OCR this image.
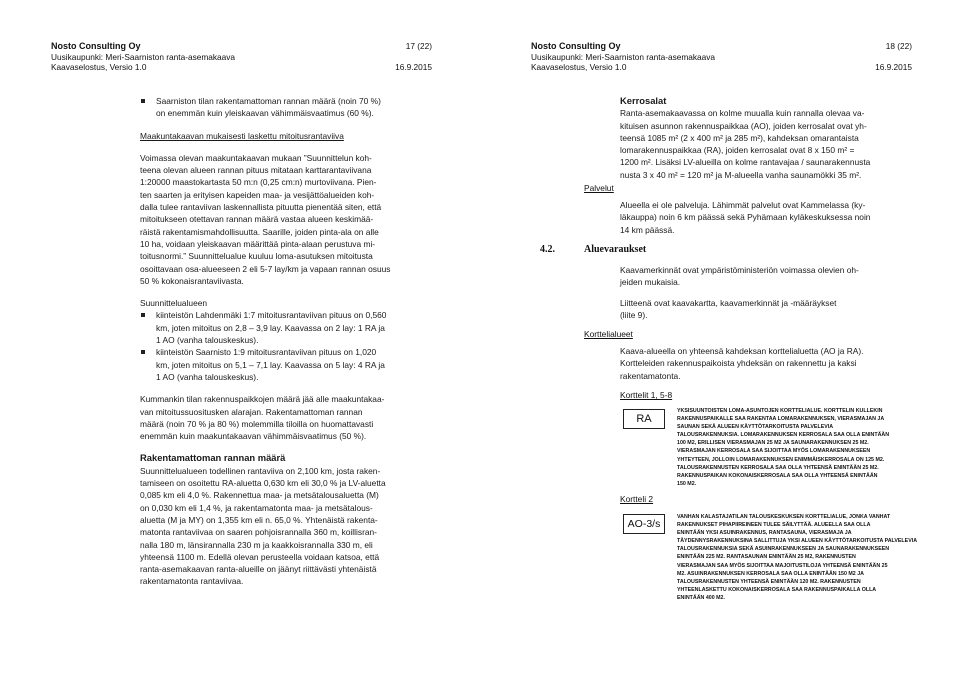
Nosto Consulting Oy	17 (22)
Uusikaupunki: Meri-Saarniston ranta-asemakaava
Kaavaselostus, Versio 1.0	16.9.2015
Saarniston tilan rakentamattoman rannan määrä (noin 70 %)
on enemmän kuin yleiskaavan vähimmäisvaatimus (60 %).
Maakuntakaavan mukaisesti laskettu mitoitusrantaviiva
Voimassa olevan maakuntakaavan mukaan ”Suunnittelun koh-
teena olevan alueen rannan pituus mitataan karttarantaviivana
1:20000 maastokartasta 50 m:n (0,25 cm:n) murtoviivana. Pien-
ten saarten ja erityisen kapeiden maa- ja vesijättöalueiden koh-
dalla tulee rantaviivan laskennallista pituutta pienentää siten, että
mitoitukseen otettavan rannan määrä vastaa alueen keskimää-
räistä rakentamismahdollisuutta. Saarille, joiden pinta-ala on alle
10 ha, voidaan yleiskaavan määrittää pinta-alaan perustuva mi-
toitusnormi.” Suunnittelualue kuuluu loma-asutuksen mitoitusta
osoittavaan osa-alueeseen 2 eli 5-7 lay/km ja vapaan rannan osuus
50 % kokonaisrantaviivasta.
Suunnittelualueen
kiinteistön Lahdenmäki 1:7 mitoitusrantaviivan pituus on 0,560
km, joten mitoitus on 2,8 – 3,9 lay. Kaavassa on 2 lay: 1 RA ja
1 AO (vanha talouskeskus).
kiinteistön Saarnisto 1:9 mitoitusrantaviivan pituus on 1,020
km, joten mitoitus on 5,1 – 7,1 lay. Kaavassa on 5 lay: 4 RA ja
1 AO (vanha talouskeskus).
Kummankin tilan rakennuspaikkojen määrä jää alle maakuntakaa-
van mitoitussuositusken alarajan. Rakentamattoman rannan
määrä (noin 70 % ja 80 %) molemmilla tiloilla on huomattavasti
enemmän kuin maakuntakaavan vähimmäisvaatimus (50 %).
Rakentamattoman rannan määrä
Suunnittelualueen todellinen rantaviiva on 2,100 km, josta raken-
tamiseen on osoitettu RA-aluetta 0,630 km eli 30,0 % ja LV-aluetta
0,085 km eli 4,0 %. Rakennettua maa- ja metsätalousaluetta (M)
on 0,030 km eli 1,4 %, ja rakentamatonta maa- ja metsätalous-
aluetta (M ja MY) on 1,355 km eli n. 65,0 %. Yhtenäistä rakenta-
matonta rantaviivaa on saaren pohjoisrannalla 360 m, koillisran-
nalla 180 m, länsirannalla 230 m ja kaakkoisrannalla 330 m, eli
yhteensä 1100 m. Edellä olevan perusteella voidaan katsoa, että
ranta-asemakaavan ranta-alueille on jäänyt riittävästi yhtenäistä
rakentamatonta rantaviivaa.
Nosto Consulting Oy	18 (22)
Uusikaupunki: Meri-Saarniston ranta-asemakaava
Kaavaselostus, Versio 1.0	16.9.2015
Kerrosalat
Ranta-asemakaavassa on kolme muualla kuin rannalla olevaa va-
kituisen asunnon rakennuspaikkaa (AO), joiden kerrosalat ovat yh-
teensä 1085 m² (2 x 400 m² ja 285 m²), kahdeksan omarantaista
lomarakennuspaikkaa (RA), joiden kerrosalat ovat 8 x 150 m² =
1200 m². Lisäksi LV-alueilla on kolme rantavajaa / saunarakennusta
nusta 3 x 40 m² = 120 m² ja M-alueella vanha saunamökki 35 m².
Palvelut
Alueella ei ole palveluja. Lähimmät palvelut ovat Kammelassa (ky-
läkauppa) noin 6 km päässä sekä Pyhämaan kyläkeskuksessa noin
14 km päässä.
4.2.	Aluevaraukset
Kaavamerkinnät ovat ympäristöministeriön voimassa olevien oh-
jeiden mukaisia.
Liitteenä ovat kaavakartta, kaavamerkinnät ja -määräykset
(liite 9).
Korttelialueet
Kaava-alueella on yhteensä kahdeksan korttelialuetta (AO ja RA).
Kortteleiden rakennuspaikoista yhdeksän on rakennettu ja kaksi
rakentamatonta.
Korttelit 1, 5-8
RA
YKSISUUNTOISTEN LOMA-ASUNTOJEN KORTTELIALUE. KORTTELIN KULLEKIN
RAKENNUSPAIKALLE SAA RAKENTAA LOMARAKENNUKSEN, VIERASMAJAN JA
SAUNAN SEKÄ ALUEEN KÄYTTÖTARKOITUSTA PALVELEVIA
TALOUSRAKENNUKSIA. LOMARAKENNUKSEN KERROSALA SAA OLLA ENINTÄÄN
100 M2, ERILLISEN VIERASMAJAN 25 M2 JA SAUNARAKENNUKSEN 25 M2.
VIERASMAJAN KERROSALA SAA SIJOITTAA MYÖS LOMARAKENNUKSEEN
YHTEYTEEN, JOLLOIN LOMARAKENNUKSEN ENIMMÄISKERROSALA ON 125 M2.
TALOUSRAKENNUSTEN KERROSALA SAA OLLA YHTEENSÄ ENINTÄÄN 25 M2.
RAKENNUSPAIKAN KOKONAISKERROSALA SAA OLLA YHTEENSÄ ENINTÄÄN
150 M2.
Kortteli 2
AO-3/s
VANHAN KALASTAJATILAN TALOUSKESKUKSEN KORTTELIALUE, JONKA VANHAT
RAKENNUKSET PIHAPIIREINEEN TULEE SÄILYTTÄÄ. ALUEELLA SAA OLLA
ENINTÄÄN YKSI ASUINRAKENNUS, RANTASAUNA, VIERASMAJA JA
TÄYDENNYSRAKENNUKSINA SALLITTUJA YKSI ALUEEN KÄYTTÖTARKOITUSTA PALVELEVIA
TALOUSRAKENNUKSIA SEKÄ ASUINRAKENNUKSEEN JA SAUNARAKENNUKSEEN
ENINTÄÄN 225 M2. RANTASAUNAN ENINTÄÄN 25 M2, RAKENNUSTEN
VIERASMAJAN SAA MYÖS SIJOITTAA MAJOITUSTILOJA YHTEENSÄ ENINTÄÄN 25
M2. ASUINRAKENNUKSEN KERROSALA SAA OLLA ENINTÄÄN 150 M2 JA
TALOUSRAKENNUSTEN YHTEENSÄ ENINTÄÄN 120 M2. RAKENNUSTEN
YHTEENLASKETTU KOKONAISKERROSALA SAA RAKENNUSPAIKALLA OLLA
ENINTÄÄN 400 M2.
